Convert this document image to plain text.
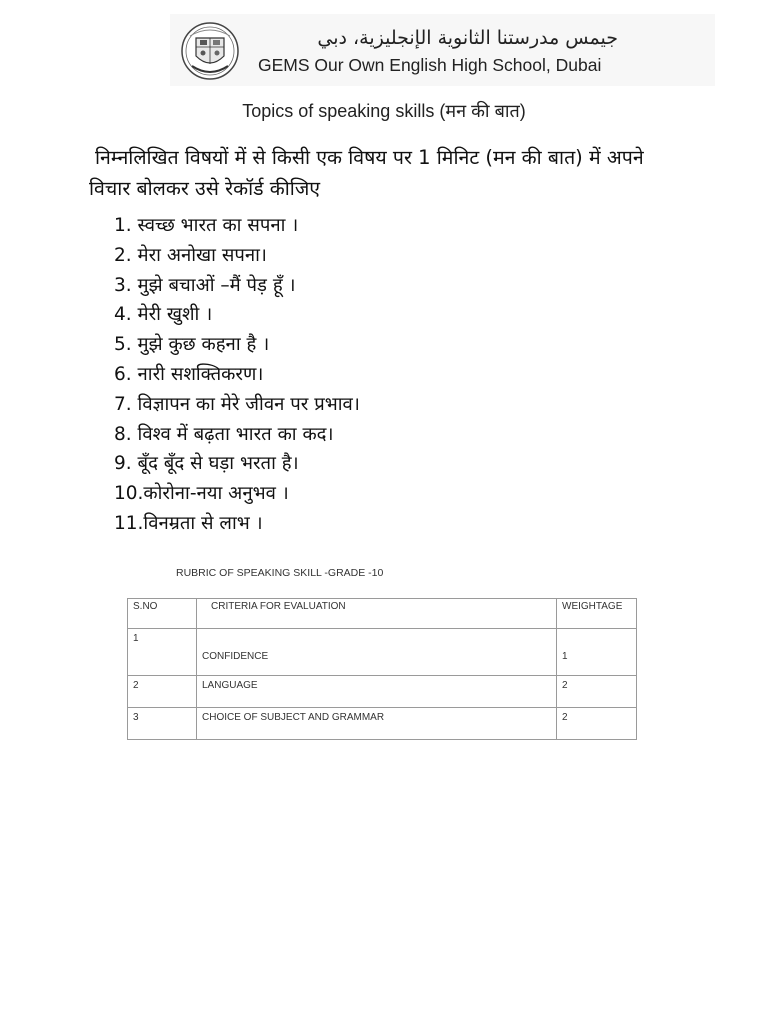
جيمس مدرستنا الثانوية الإنجليزية، دبي
GEMS Our Own English High School, Dubai
Topics of speaking skills (मन की बात)
निम्नलिखित विषयों में से किसी एक विषय पर 1 मिनिट (मन की बात) में अपने विचार बोलकर उसे रेकॉर्ड कीजिए
1. स्वच्छ भारत का सपना ।
2. मेरा अनोखा सपना।
3. मुझे बचाओं –मैं पेड़ हूँ ।
4. मेरी खुशी ।
5. मुझे कुछ कहना है ।
6. नारी सशक्तिकरण।
7. विज्ञापन का मेरे जीवन पर प्रभाव।
8. विश्व में बढ़ता भारत का कद।
9. बूँद बूँद से घड़ा भरता है।
10.कोरोना-नया अनुभव ।
11.विनम्रता से लाभ ।
RUBRIC OF SPEAKING SKILL -GRADE -10
S.NO	CRITERIA FOR EVALUATION	WEIGHTAGE
1	CONFIDENCE	1
2	LANGUAGE	2
3	CHOICE OF SUBJECT AND GRAMMAR	2
